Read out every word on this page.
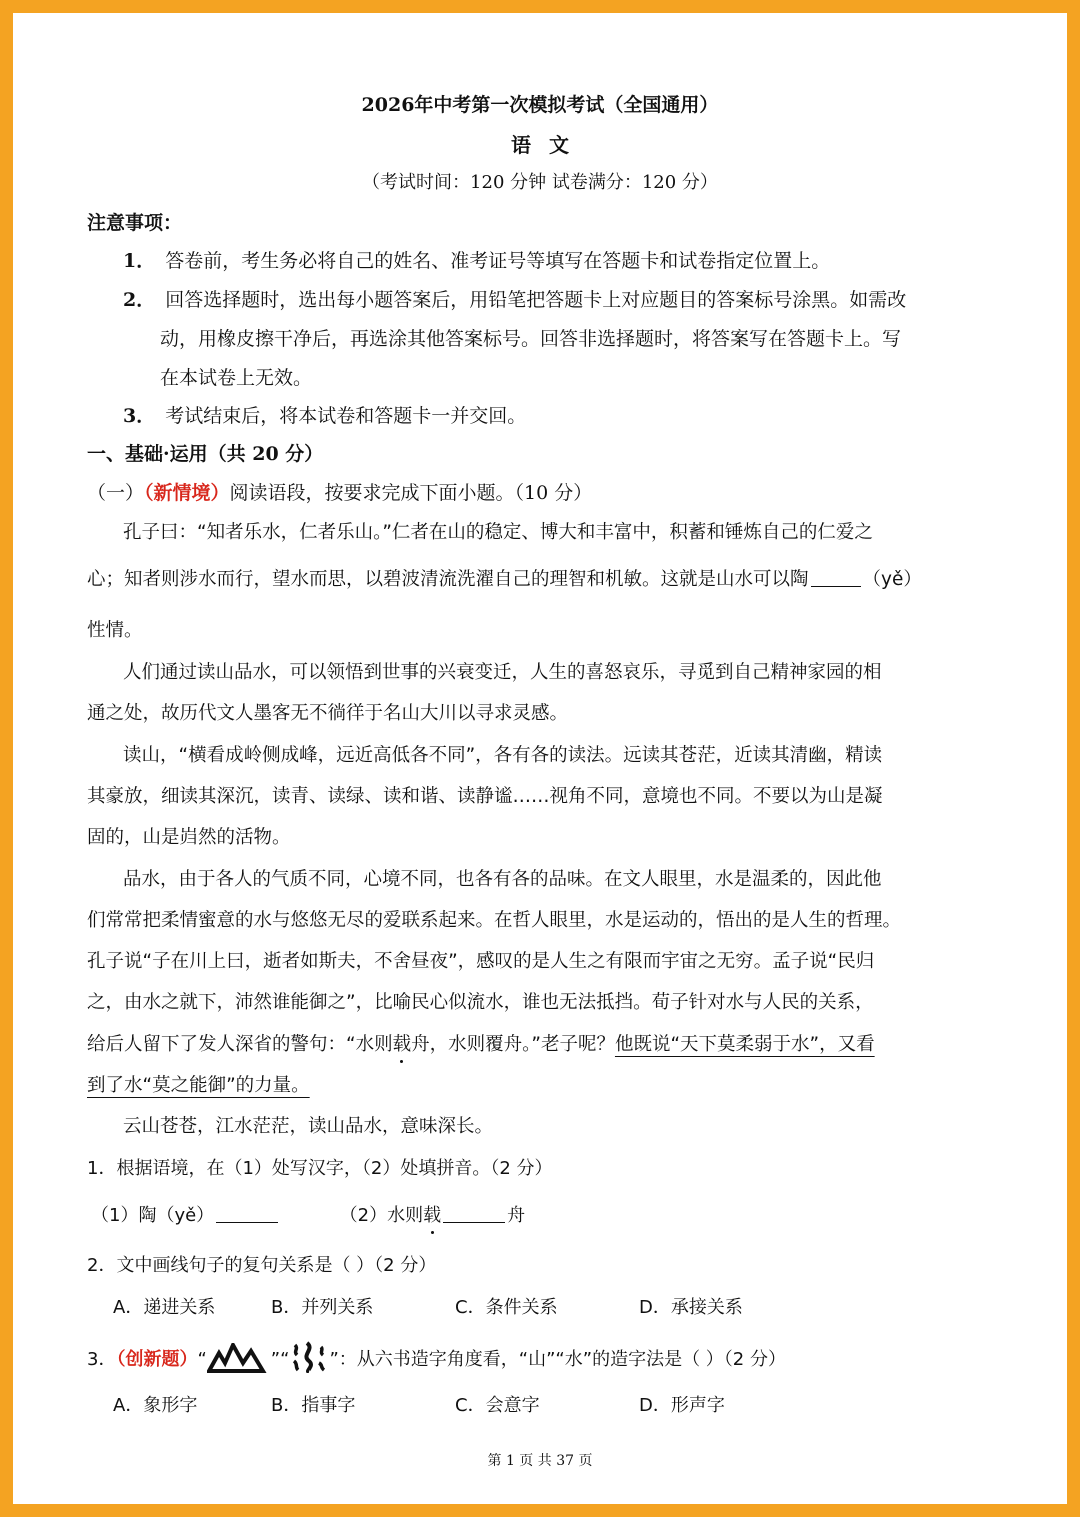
2026年中考第一次模拟考试（全国通用）
语文
（考试时间：120 分钟 试卷满分：120 分）
注意事项：
1． 答卷前，考生务必将自己的姓名、准考证号等填写在答题卡和试卷指定位置上。
2． 回答选择题时，选出每小题答案后，用铅笔把答题卡上对应题目的答案标号涂黑。如需改
动，用橡皮擦干净后，再选涂其他答案标号。回答非选择题时，将答案写在答题卡上。写
在本试卷上无效。
3． 考试结束后，将本试卷和答题卡一并交回。
一、基础·运用（共 20 分）
（一）（新情境）阅读语段，按要求完成下面小题。（10 分）
孔子曰：“知者乐水，仁者乐山。”仁者在山的稳定、博大和丰富中，积蓄和锤炼自己的仁爱之
心；知者则涉水而行，望水而思，以碧波清流洗濯自己的理智和机敏。这就是山水可以陶	（yě）
性情。
人们通过读山品水，可以领悟到世事的兴衰变迁，人生的喜怒哀乐，寻觅到自己精神家园的相
通之处，故历代文人墨客无不徜徉于名山大川以寻求灵感。
读山，“横看成岭侧成峰，远近高低各不同”，各有各的读法。远读其苍茫，近读其清幽，精读
其豪放，细读其深沉，读青、读绿、读和谐、读静谧……视角不同，意境也不同。不要以为山是凝
固的，山是岿然的活物。
品水，由于各人的气质不同，心境不同，也各有各的品味。在文人眼里，水是温柔的，因此他
们常常把柔情蜜意的水与悠悠无尽的爱联系起来。在哲人眼里，水是运动的，悟出的是人生的哲理。
孔子说“子在川上曰，逝者如斯夫，不舍昼夜”，感叹的是人生之有限而宇宙之无穷。孟子说“民归
之，由水之就下，沛然谁能御之”，比喻民心似流水，谁也无法抵挡。荀子针对水与人民的关系，
给后人留下了发人深省的警句：“水则载舟，水则覆舟。”老子呢？他既说“天下莫柔弱于水”，又看
到了水“莫之能御”的力量。
云山苍苍，江水茫茫，读山品水，意味深长。
1．根据语境，在（1）处写汉字，（2）处填拼音。（2 分）
（1）陶（yě）	（2）水则载	舟
2．文中画线句子的复句关系是（ ）（2 分）
A．递进关系	B．并列关系	C．条件关系	D．承接关系
3．（创新题）“	”“ ”：从六书造字角度看，“山”“水”的造字法是（ ）（2 分）
A．象形字	B．指事字	C．会意字	D．形声字
第 1 页 共 37 页
